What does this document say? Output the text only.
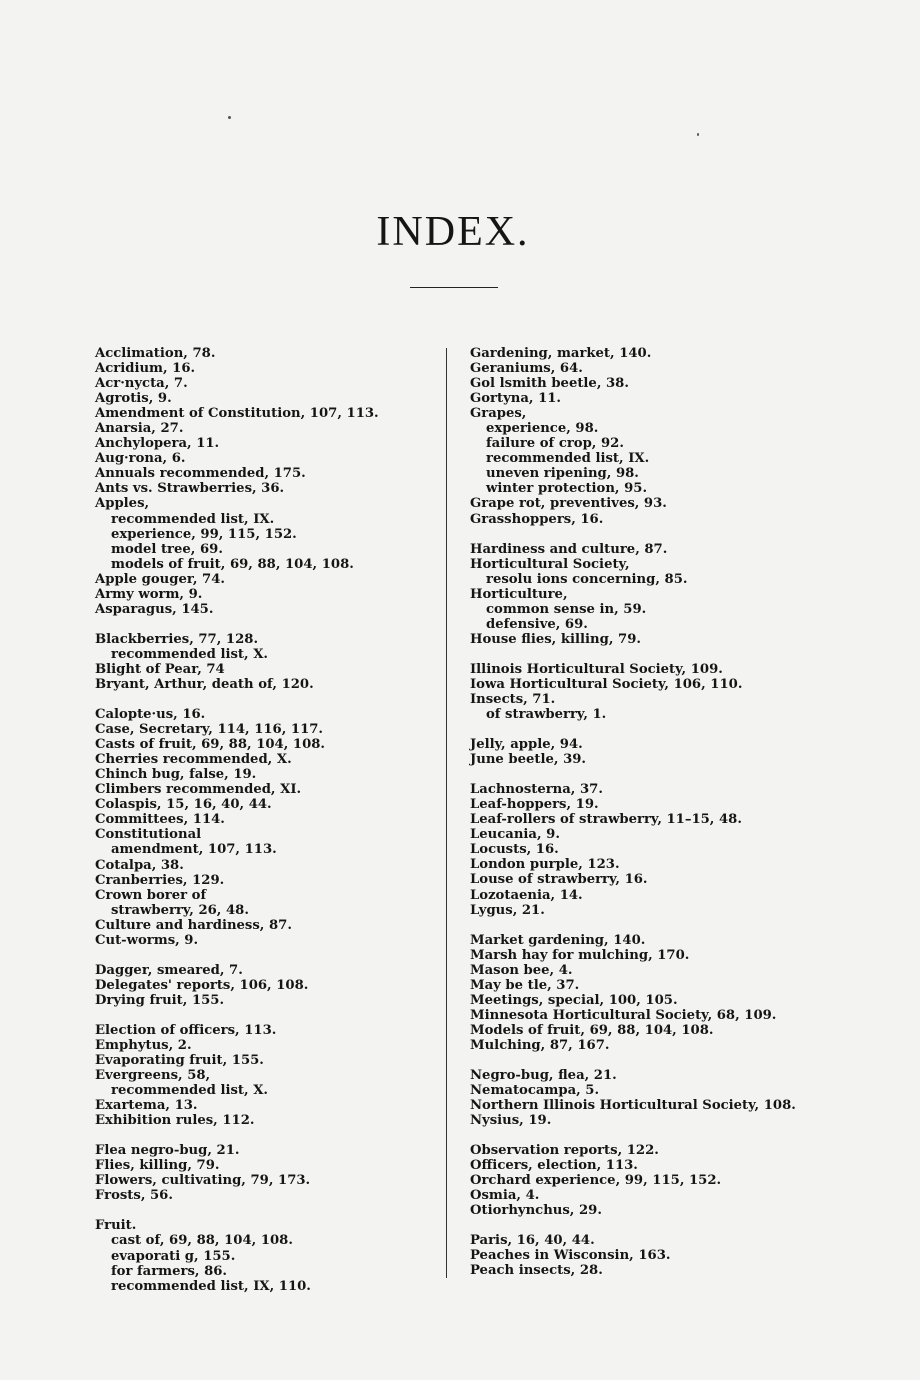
INDEX.
Acclimation, 78.
Acridium, 16.
Acr·nycta, 7.
Agrotis, 9.
Amendment of Constitution, 107, 113.
Anarsia, 27.
Anchylopera, 11.
Aug·rona, 6.
Annuals recommended, 175.
Ants vs. Strawberries, 36.
Apples,
recommended list, IX.
experience, 99, 115, 152.
model tree, 69.
models of fruit, 69, 88, 104, 108.
Apple gouger, 74.
Army worm, 9.
Asparagus, 145.
Blackberries, 77, 128.
recommended list, X.
Blight of Pear, 74
Bryant, Arthur, death of, 120.
Calopte·us, 16.
Case, Secretary, 114, 116, 117.
Casts of fruit, 69, 88, 104, 108.
Cherries recommended, X.
Chinch bug, false, 19.
Climbers recommended, XI.
Colaspis, 15, 16, 40, 44.
Committees, 114.
Constitutional
amendment, 107, 113.
Cotalpa, 38.
Cranberries, 129.
Crown borer of
strawberry, 26, 48.
Culture and hardiness, 87.
Cut-worms, 9.
Dagger, smeared, 7.
Delegates' reports, 106, 108.
Drying fruit, 155.
Election of officers, 113.
Emphytus, 2.
Evaporating fruit, 155.
Evergreens, 58,
recommended list, X.
Exartema, 13.
Exhibition rules, 112.
Flea negro-bug, 21.
Flies, killing, 79.
Flowers, cultivating, 79, 173.
Frosts, 56.
Fruit.
cast of, 69, 88, 104, 108.
evaporati g, 155.
for farmers, 86.
recommended list, IX, 110.
Gardening, market, 140.
Geraniums, 64.
Gol lsmith beetle, 38.
Gortyna, 11.
Grapes,
experience, 98.
failure of crop, 92.
recommended list, IX.
uneven ripening, 98.
winter protection, 95.
Grape rot, preventives, 93.
Grasshoppers, 16.
Hardiness and culture, 87.
Horticultural Society,
resolu ions concerning, 85.
Horticulture,
common sense in, 59.
defensive, 69.
House flies, killing, 79.
Illinois Horticultural Society, 109.
Iowa Horticultural Society, 106, 110.
Insects, 71.
of strawberry, 1.
Jelly, apple, 94.
June beetle, 39.
Lachnosterna, 37.
Leaf-hoppers, 19.
Leaf-rollers of strawberry, 11–15, 48.
Leucania, 9.
Locusts, 16.
London purple, 123.
Louse of strawberry, 16.
Lozotaenia, 14.
Lygus, 21.
Market gardening, 140.
Marsh hay for mulching, 170.
Mason bee, 4.
May be tle, 37.
Meetings, special, 100, 105.
Minnesota Horticultural Society, 68, 109.
Models of fruit, 69, 88, 104, 108.
Mulching, 87, 167.
Negro-bug, flea, 21.
Nematocampa, 5.
Northern Illinois Horticultural Society, 108.
Nysius, 19.
Observation reports, 122.
Officers, election, 113.
Orchard experience, 99, 115, 152.
Osmia, 4.
Otiorhynchus, 29.
Paris, 16, 40, 44.
Peaches in Wisconsin, 163.
Peach insects, 28.
